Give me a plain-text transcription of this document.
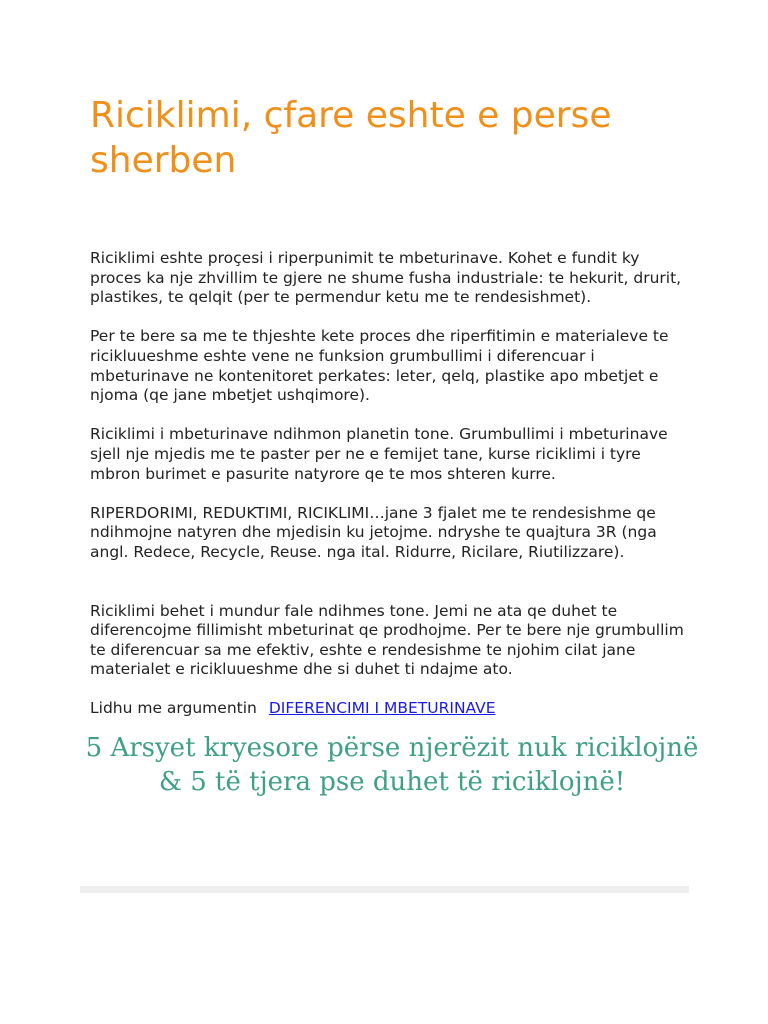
Riciklimi, çfare eshte e perse sherben

Riciklimi eshte proçesi i riperpunimit te mbeturinave. Kohet e fundit ky proces ka nje zhvillim te gjere ne shume fusha industriale: te hekurit, drurit, plastikes, te qelqit (per te permendur ketu me te rendesishmet).

Per te bere sa me te thjeshte kete proces dhe riperfitimin e materialeve te ricikluueshme eshte vene ne funksion grumbullimi i diferencuar i mbeturinave ne kontenitoret perkates: leter, qelq, plastike apo mbetjet e njoma (qe jane mbetjet ushqimore).

Riciklimi i mbeturinave ndihmon planetin tone. Grumbullimi i mbeturinave sjell nje mjedis me te paster per ne e femijet tane, kurse riciklimi i tyre mbron burimet e pasurite natyrore qe te mos shteren kurre.

RIPERDORIMI, REDUKTIMI, RICIKLIMI…jane 3 fjalet me te rendesishme qe ndihmojne natyren dhe mjedisin ku jetojme. ndryshe te quajtura 3R (nga angl. Redece, Recycle, Reuse. nga ital. Ridurre, Ricilare, Riutilizzare).

Riciklimi behet i mundur fale ndihmes tone. Jemi ne ata qe duhet te diferencojme fillimisht mbeturinat qe prodhojme. Per te bere nje grumbullim te diferencuar sa me efektiv, eshte e rendesishme te njohim cilat jane materialet e ricikluueshme dhe si duhet ti ndajme ato.

Lidhu me argumentin DIFERENCIMI I MBETURINAVE
5 Arsyet kryesore përse njerëzit nuk riciklojnë & 5 të tjera pse duhet të riciklojnë!
